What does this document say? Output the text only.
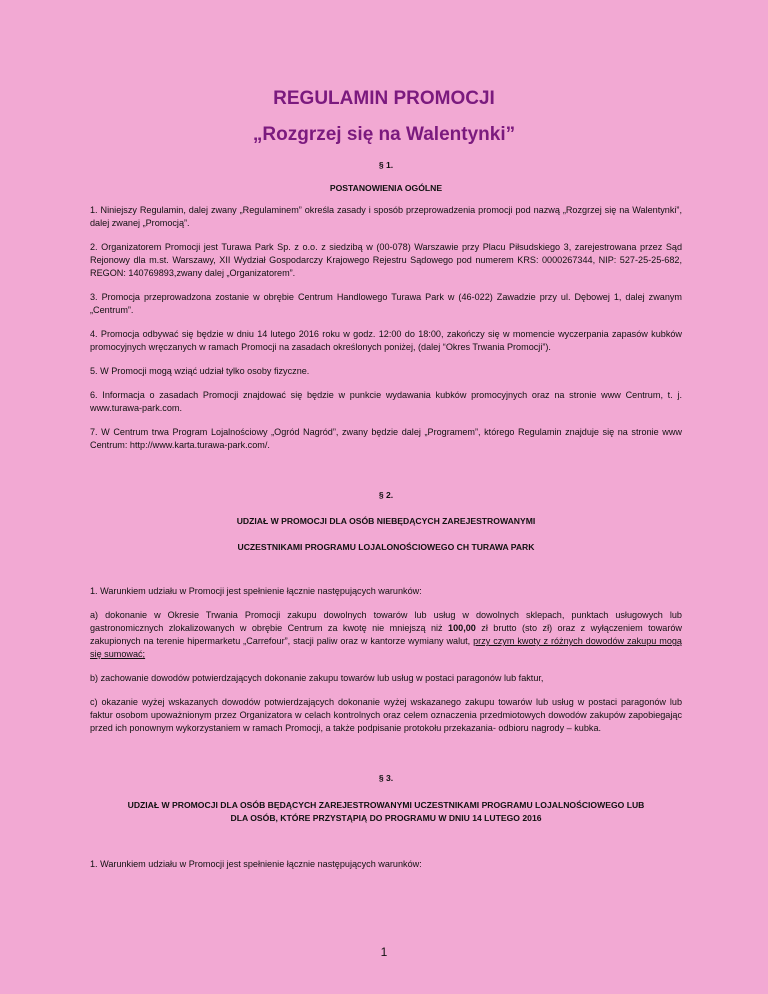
REGULAMIN PROMOCJI
„Rozgrzej się na Walentynki”

§ 1.

POSTANOWIENIA OGÓLNE

1. Niniejszy Regulamin, dalej zwany „Regulaminem” określa zasady i sposób przeprowadzenia promocji pod nazwą „Rozgrzej się na Walentynki”, dalej zwanej „Promocją”.

2. Organizatorem Promocji jest Turawa Park Sp. z o.o. z siedzibą w (00-078) Warszawie przy Placu Piłsudskiego 3, zarejestrowana przez Sąd Rejonowy dla m.st. Warszawy, XII Wydział Gospodarczy Krajowego Rejestru Sądowego pod numerem KRS: 0000267344, NIP: 527-25-25-682, REGON: 140769893,zwany dalej „Organizatorem”.

3. Promocja przeprowadzona zostanie w obrębie Centrum Handlowego Turawa Park w (46-022) Zawadzie przy ul. Dębowej 1, dalej zwanym „Centrum”.

4. Promocja odbywać się będzie w dniu 14 lutego 2016 roku w godz. 12:00 do 18:00, zakończy się w momencie wyczerpania zapasów kubków promocyjnych wręczanych w ramach Promocji na zasadach określonych poniżej, (dalej “Okres Trwania Promocji”).

5. W Promocji mogą wziąć udział tylko osoby fizyczne.

6. Informacja o zasadach Promocji znajdować się będzie w punkcie wydawania kubków promocyjnych oraz na stronie www Centrum, t. j. www.turawa-park.com.

7. W Centrum trwa Program Lojalnościowy „Ogród Nagród”, zwany będzie dalej „Programem”, którego Regulamin znajduje się na stronie www Centrum: http://www.karta.turawa-park.com/.

§ 2.

UDZIAŁ W PROMOCJI DLA OSÓB NIEBĘDĄCYCH ZAREJESTROWANYMI

UCZESTNIKAMI PROGRAMU LOJALONOŚCIOWEGO CH TURAWA PARK

1. Warunkiem udziału w Promocji jest spełnienie łącznie następujących warunków:

a) dokonanie w Okresie Trwania Promocji zakupu dowolnych towarów lub usług w dowolnych sklepach, punktach usługowych lub gastronomicznych zlokalizowanych w obrębie Centrum za kwotę nie mniejszą niż 100,00 zł brutto (sto zł) oraz z wyłączeniem towarów zakupionych na terenie hipermarketu „Carrefour”, stacji paliw oraz w kantorze wymiany walut, przy czym kwoty z różnych dowodów zakupu mogą się sumować;

b) zachowanie dowodów potwierdzających dokonanie zakupu towarów lub usług w postaci paragonów lub faktur,

c) okazanie wyżej wskazanych dowodów potwierdzających dokonanie wyżej wskazanego zakupu towarów lub usług w postaci paragonów lub faktur osobom upoważnionym przez Organizatora w celach kontrolnych oraz celem oznaczenia przedmiotowych dowodów zakupów zapobiegając przed ich ponownym wykorzystaniem w ramach Promocji, a także podpisanie protokołu przekazania- odbioru nagrody – kubka.

§ 3.

UDZIAŁ W PROMOCJI DLA OSÓB BĘDĄCYCH ZAREJESTROWANYMI UCZESTNIKAMI PROGRAMU LOJALNOŚCIOWEGO LUB

DLA OSÓB, KTÓRE PRZYSTĄPIĄ DO PROGRAMU W DNIU 14 LUTEGO 2016

1. Warunkiem udziału w Promocji jest spełnienie łącznie następujących warunków:

1
